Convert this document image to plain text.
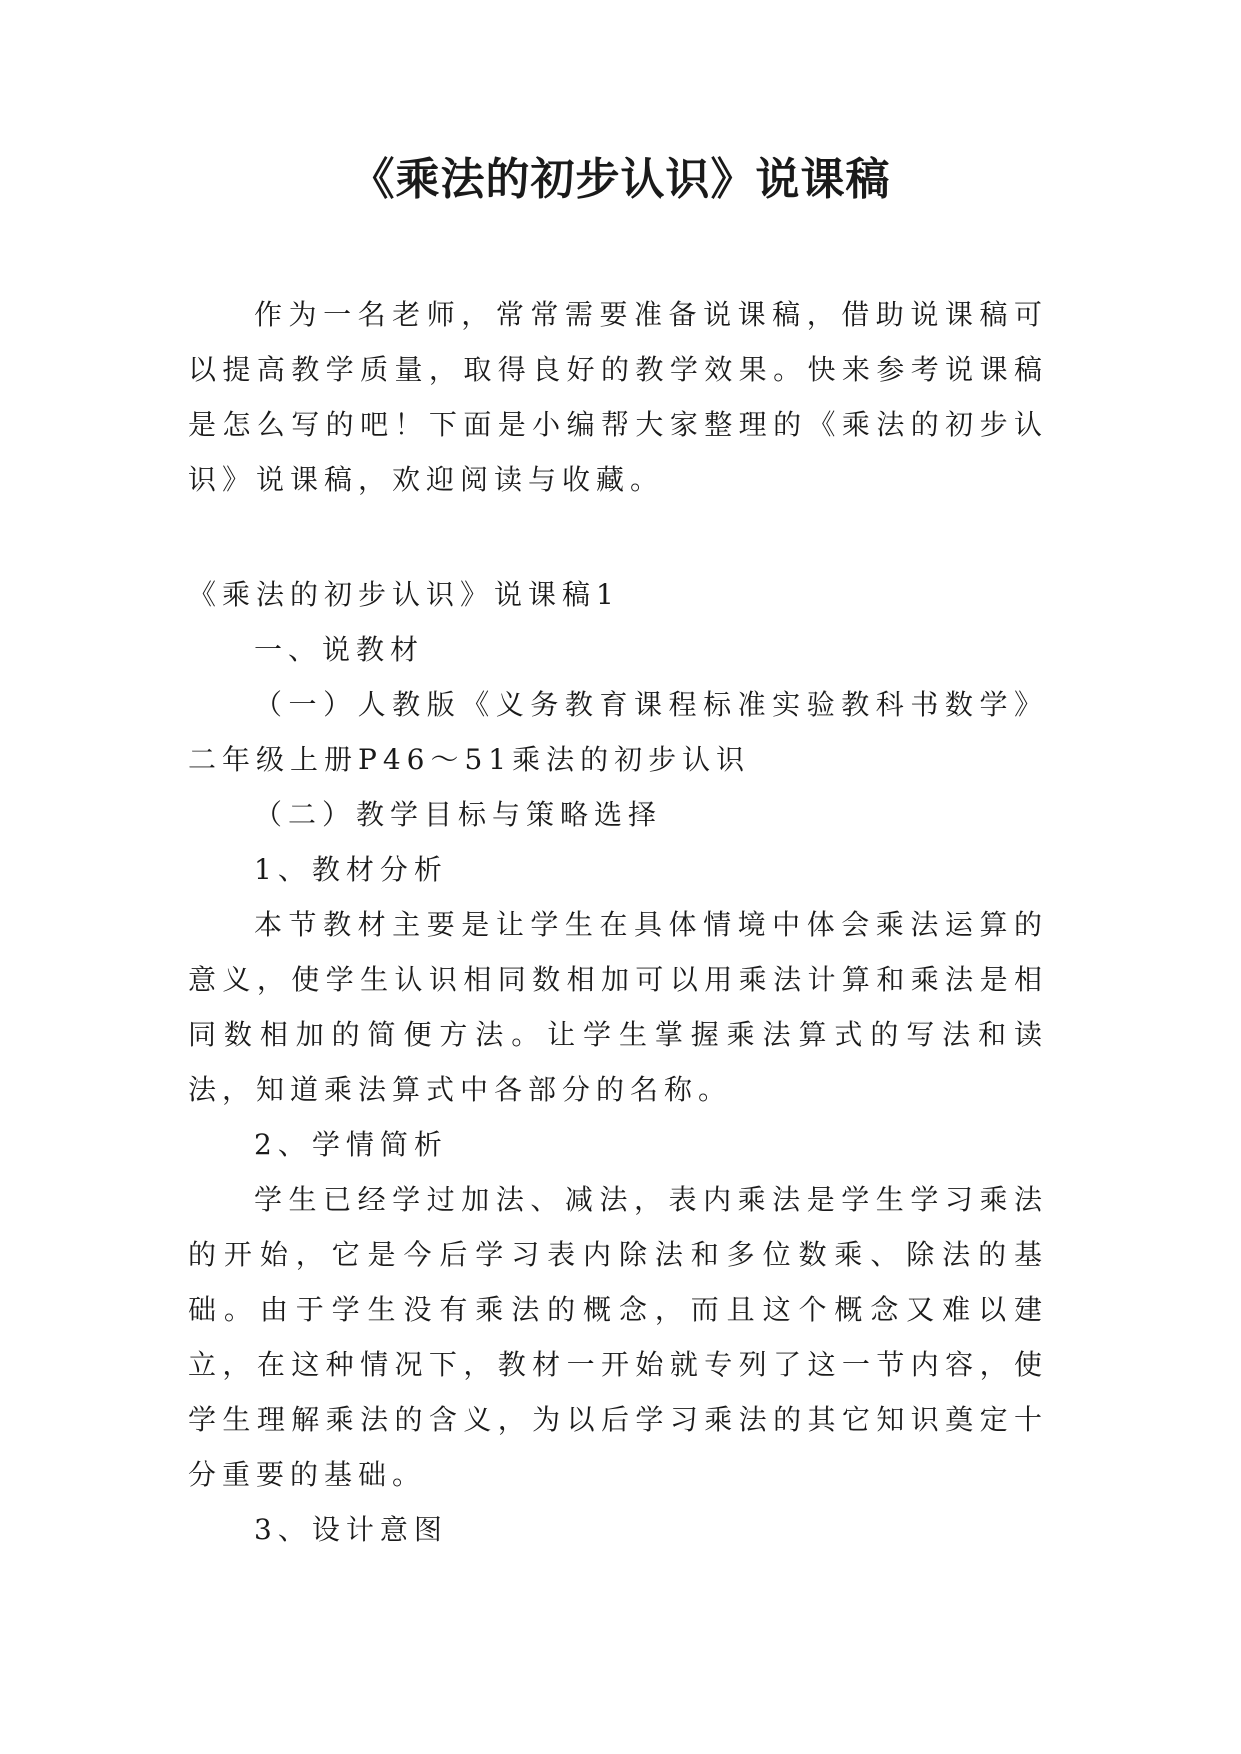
《乘法的初步认识》说课稿

作为一名老师，常常需要准备说课稿，借助说课稿可以提高教学质量，取得良好的教学效果。快来参考说课稿是怎么写的吧！下面是小编帮大家整理的《乘法的初步认识》说课稿，欢迎阅读与收藏。

《乘法的初步认识》说课稿1

一、说教材

（一）人教版《义务教育课程标准实验教科书数学》二年级上册P46～51乘法的初步认识

（二）教学目标与策略选择

1、教材分析

本节教材主要是让学生在具体情境中体会乘法运算的意义，使学生认识相同数相加可以用乘法计算和乘法是相同数相加的简便方法。让学生掌握乘法算式的写法和读法，知道乘法算式中各部分的名称。

2、学情简析

学生已经学过加法、减法，表内乘法是学生学习乘法的开始，它是今后学习表内除法和多位数乘、除法的基础。由于学生没有乘法的概念，而且这个概念又难以建立，在这种情况下，教材一开始就专列了这一节内容，使学生理解乘法的含义，为以后学习乘法的其它知识奠定十分重要的基础。

3、设计意图
